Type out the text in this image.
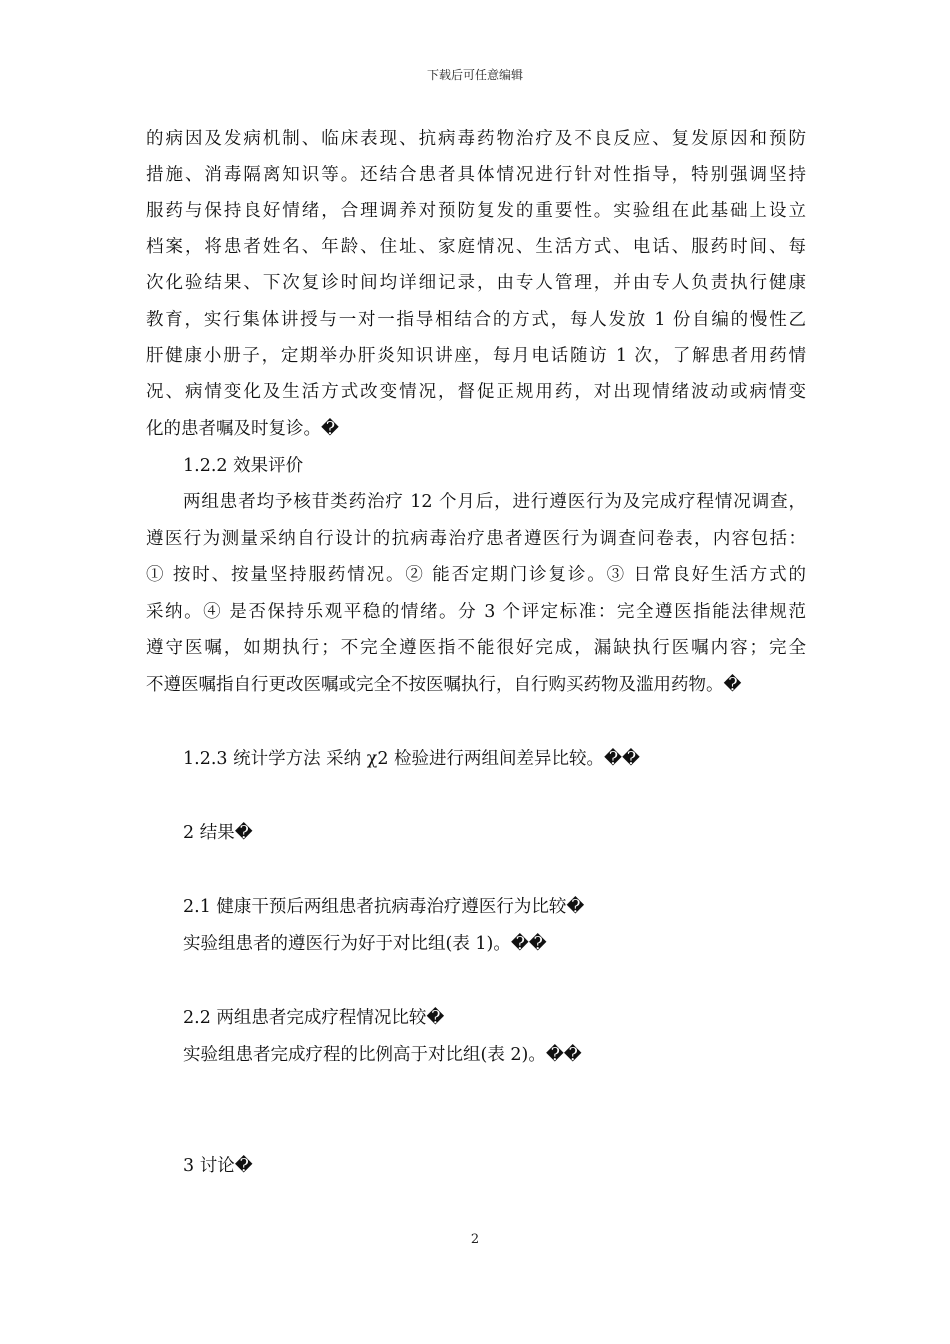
下载后可任意编辑
的病因及发病机制、临床表现、抗病毒药物治疗及不良反应、复发原因和预防
措施、消毒隔离知识等。还结合患者具体情况进行针对性指导，特别强调坚持
服药与保持良好情绪，合理调养对预防复发的重要性。实验组在此基础上设立
档案，将患者姓名、年龄、住址、家庭情况、生活方式、电话、服药时间、每
次化验结果、下次复诊时间均详细记录，由专人管理，并由专人负责执行健康
教育，实行集体讲授与一对一指导相结合的方式，每人发放 1 份自编的慢性乙
肝健康小册子，定期举办肝炎知识讲座，每月电话随访 1 次，了解患者用药情
况、病情变化及生活方式改变情况，督促正规用药，对出现情绪波动或病情变
化的患者嘱及时复诊。�
1.2.2 效果评价
两组患者均予核苷类药治疗 12 个月后，进行遵医行为及完成疗程情况调查，
遵医行为测量采纳自行设计的抗病毒治疗患者遵医行为调查问卷表，内容包括：
① 按时、按量坚持服药情况。② 能否定期门诊复诊。③ 日常良好生活方式的
采纳。④ 是否保持乐观平稳的情绪。分 3 个评定标准：完全遵医指能法律规范
遵守医嘱，如期执行；不完全遵医指不能很好完成，漏缺执行医嘱内容；完全
不遵医嘱指自行更改医嘱或完全不按医嘱执行，自行购买药物及滥用药物。�
1.2.3 统计学方法 采纳 χ2 检验进行两组间差异比较。��
2 结果�
2.1 健康干预后两组患者抗病毒治疗遵医行为比较�
实验组患者的遵医行为好于对比组(表 1)。��
2.2 两组患者完成疗程情况比较�
实验组患者完成疗程的比例高于对比组(表 2)。��
3 讨论�
2
